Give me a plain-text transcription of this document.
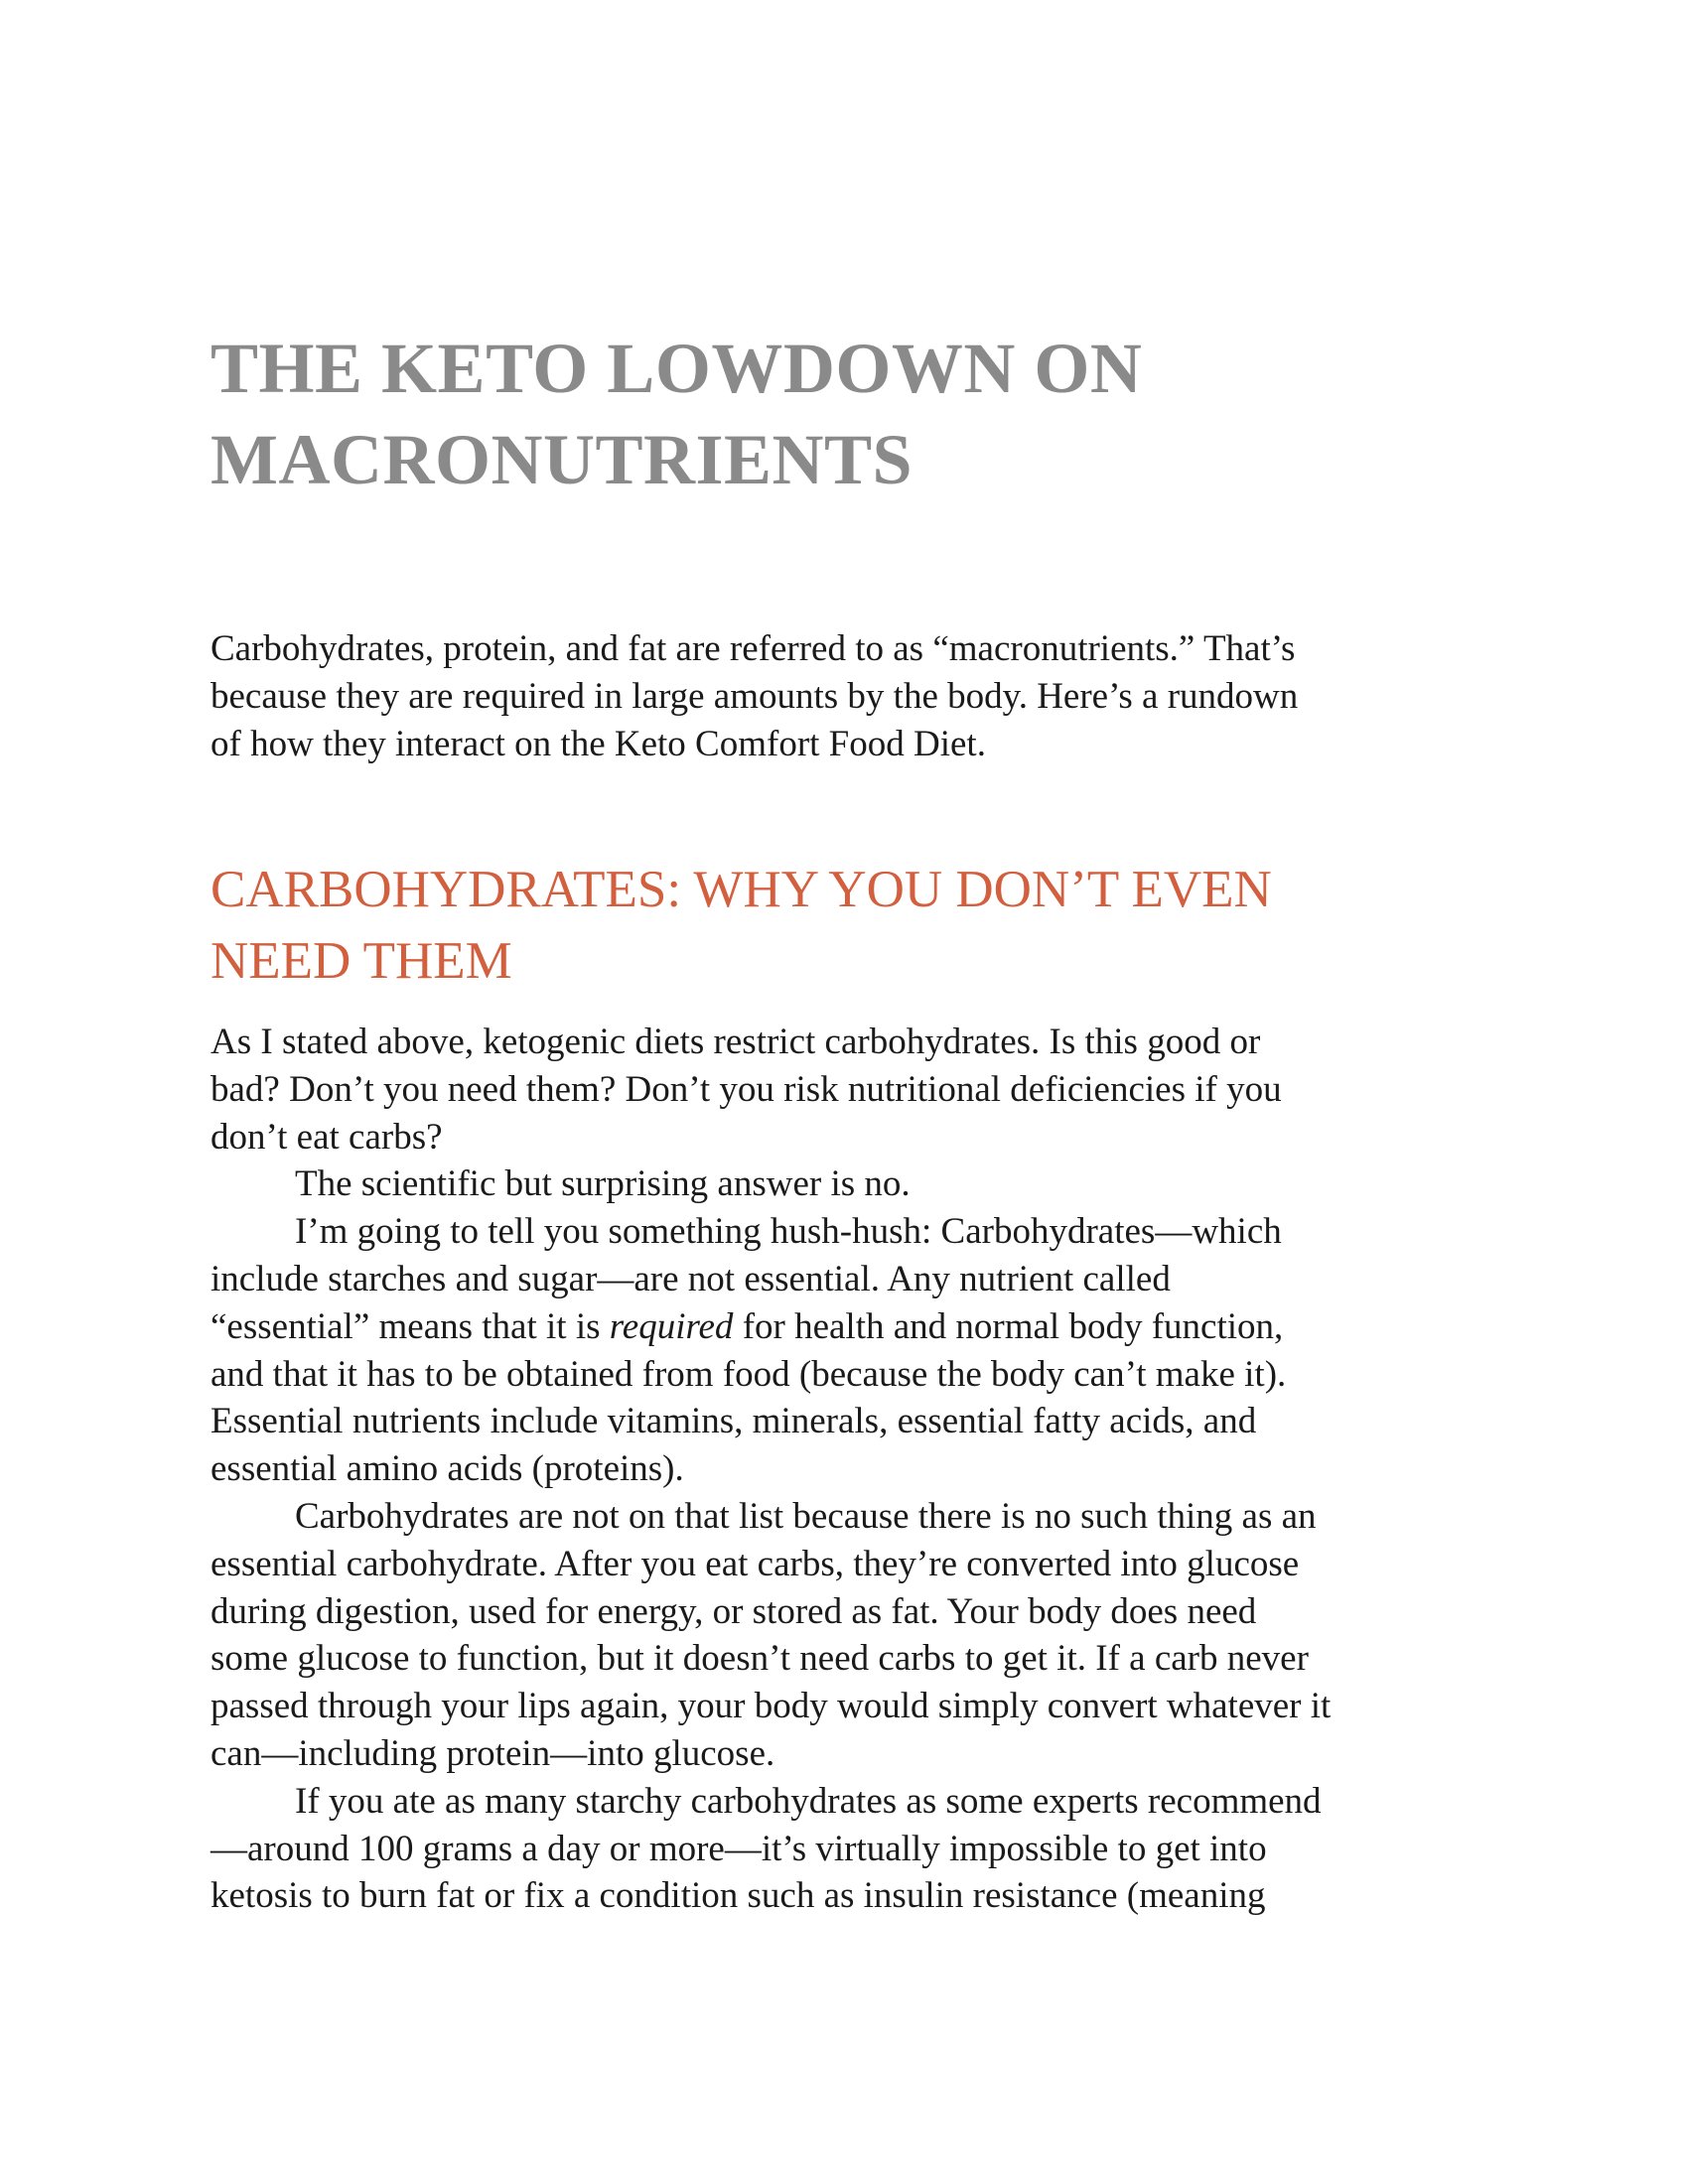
THE KETO LOWDOWN ON
MACRONUTRIENTS

Carbohydrates, protein, and fat are referred to as “macronutrients.” That’s
because they are required in large amounts by the body. Here’s a rundown
of how they interact on the Keto Comfort Food Diet.

CARBOHYDRATES: WHY YOU DON’T EVEN
NEED THEM
As I stated above, ketogenic diets restrict carbohydrates. Is this good or
bad? Don’t you need them? Don’t you risk nutritional deficiencies if you
don’t eat carbs?
The scientific but surprising answer is no.
I’m going to tell you something hush-hush: Carbohydrates—which
include starches and sugar—are not essential. Any nutrient called
“essential” means that it is required for health and normal body function,
and that it has to be obtained from food (because the body can’t make it).
Essential nutrients include vitamins, minerals, essential fatty acids, and
essential amino acids (proteins).
Carbohydrates are not on that list because there is no such thing as an
essential carbohydrate. After you eat carbs, they’re converted into glucose
during digestion, used for energy, or stored as fat. Your body does need
some glucose to function, but it doesn’t need carbs to get it. If a carb never
passed through your lips again, your body would simply convert whatever it
can—including protein—into glucose.
If you ate as many starchy carbohydrates as some experts recommend
—around 100 grams a day or more—it’s virtually impossible to get into
ketosis to burn fat or fix a condition such as insulin resistance (meaning
